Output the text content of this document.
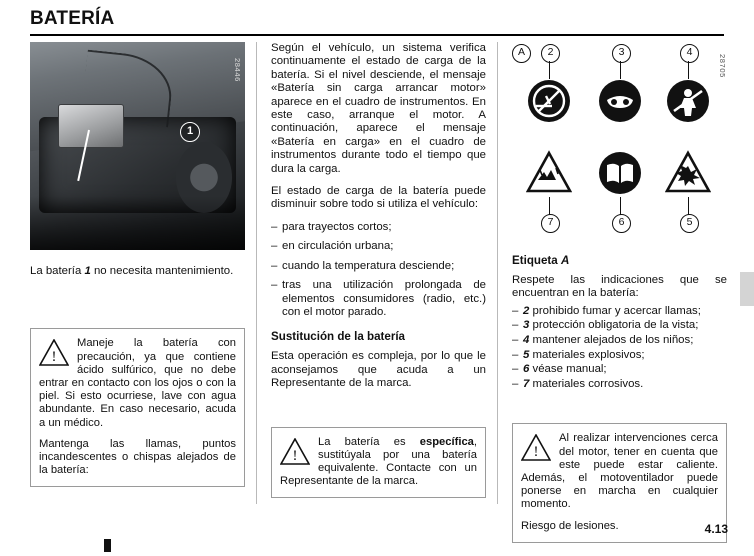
BATERÍA
1
28446
La batería 1 no necesita mantenimiento.
!

Maneje la batería con precaución, ya que contiene ácido sulfúrico, que no debe entrar en contacto con los ojos o con la piel. Si esto ocurriese, lave con agua abundante. En caso necesario, acuda a un médico.

Mantenga las llamas, puntos incandescentes o chispas alejados de la batería:

Según el vehículo, un sistema verifica continuamente el estado de carga de la batería. Si el nivel desciende, el mensaje «Batería sin carga arrancar motor» aparece en el cuadro de instrumentos. En este caso, arranque el motor. A continuación, aparece el mensaje «Batería en carga» en el cuadro de instrumentos durante todo el tiempo que dura la carga.

El estado de carga de la batería puede disminuir sobre todo si utiliza el vehículo:

– para trayectos cortos;
– en circulación urbana;
– cuando la temperatura desciende;
– tras una utilización prolongada de elementos consumidores (radio, etc.) con el motor parado.
Sustitución de la batería

Esta operación es compleja, por lo que le aconsejamos que acuda a un Representante de la marca.

!

La batería es específica, sustitúyala por una batería equivalente. Contacte con un Representante de la marca.

28705
A	2	3	4
7	6	5
Etiqueta A

Respete las indicaciones que se encuentran en la batería:

– 2 prohibido fumar y acercar llamas;
– 3 protección obligatoria de la vista;
– 4 mantener alejados de los niños;
– 5 materiales explosivos;
– 6 véase manual;
– 7 materiales corrosivos.
!

Al realizar intervenciones cerca del motor, tener en cuenta que este puede estar caliente. Además, el motoventilador puede ponerse en marcha en cualquier momento.

Riesgo de lesiones.	4.13
